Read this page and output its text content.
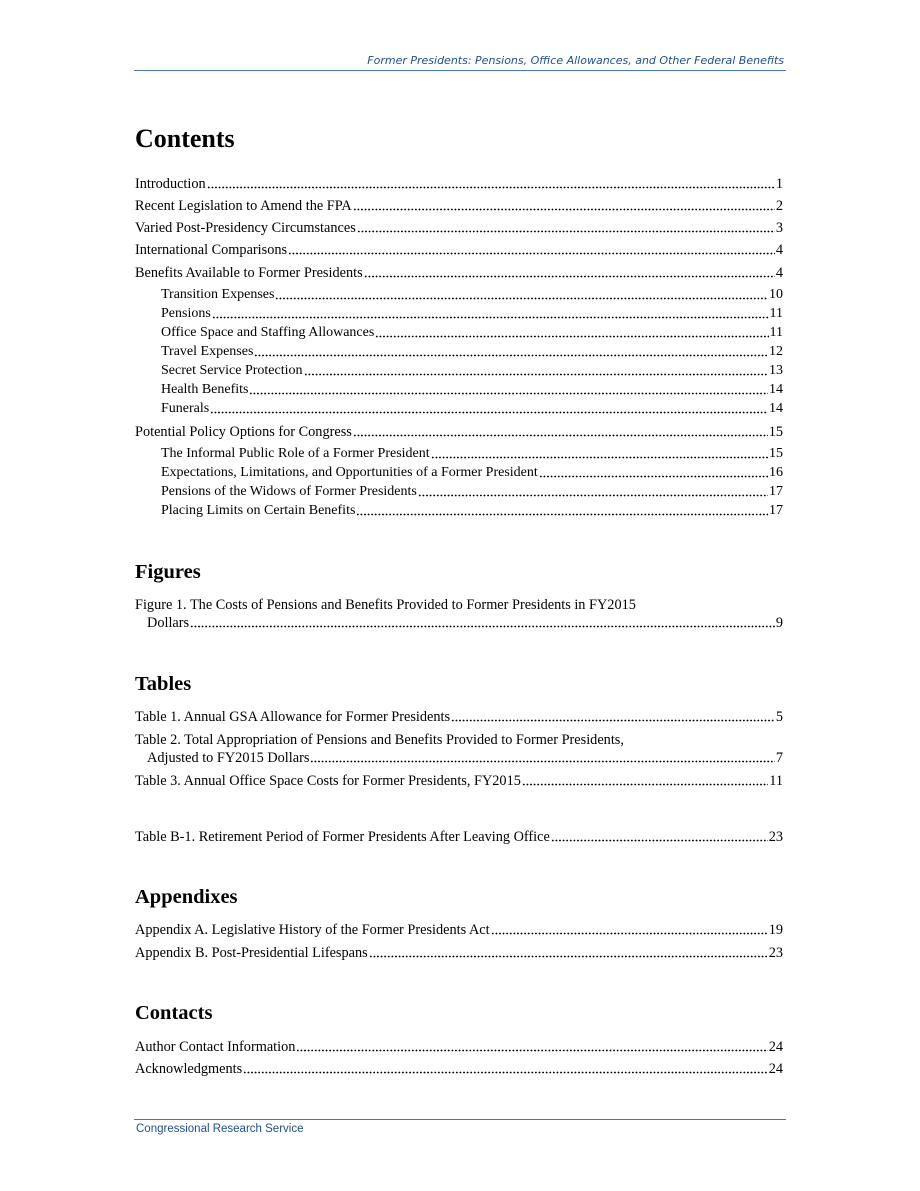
Former Presidents: Pensions, Office Allowances, and Other Federal Benefits
Contents
Introduction	1
Recent Legislation to Amend the FPA	2
Varied Post-Presidency Circumstances	3
International Comparisons	4
Benefits Available to Former Presidents	4
Transition Expenses	10
Pensions	11
Office Space and Staffing Allowances	11
Travel Expenses	12
Secret Service Protection	13
Health Benefits	14
Funerals	14
Potential Policy Options for Congress	15
The Informal Public Role of a Former President	15
Expectations, Limitations, and Opportunities of a Former President	16
Pensions of the Widows of Former Presidents	17
Placing Limits on Certain Benefits	17
Figures
Figure 1. The Costs of Pensions and Benefits Provided to Former Presidents in FY2015
Dollars	9
Tables
Table 1. Annual GSA Allowance for Former Presidents	5
Table 2. Total Appropriation of Pensions and Benefits Provided to Former Presidents,
Adjusted to FY2015 Dollars	7
Table 3. Annual Office Space Costs for Former Presidents, FY2015	11
Table B-1. Retirement Period of Former Presidents After Leaving Office	23
Appendixes
Appendix A. Legislative History of the Former Presidents Act	19
Appendix B. Post-Presidential Lifespans	23
Contacts
Author Contact Information	24
Acknowledgments	24
Congressional Research Service
